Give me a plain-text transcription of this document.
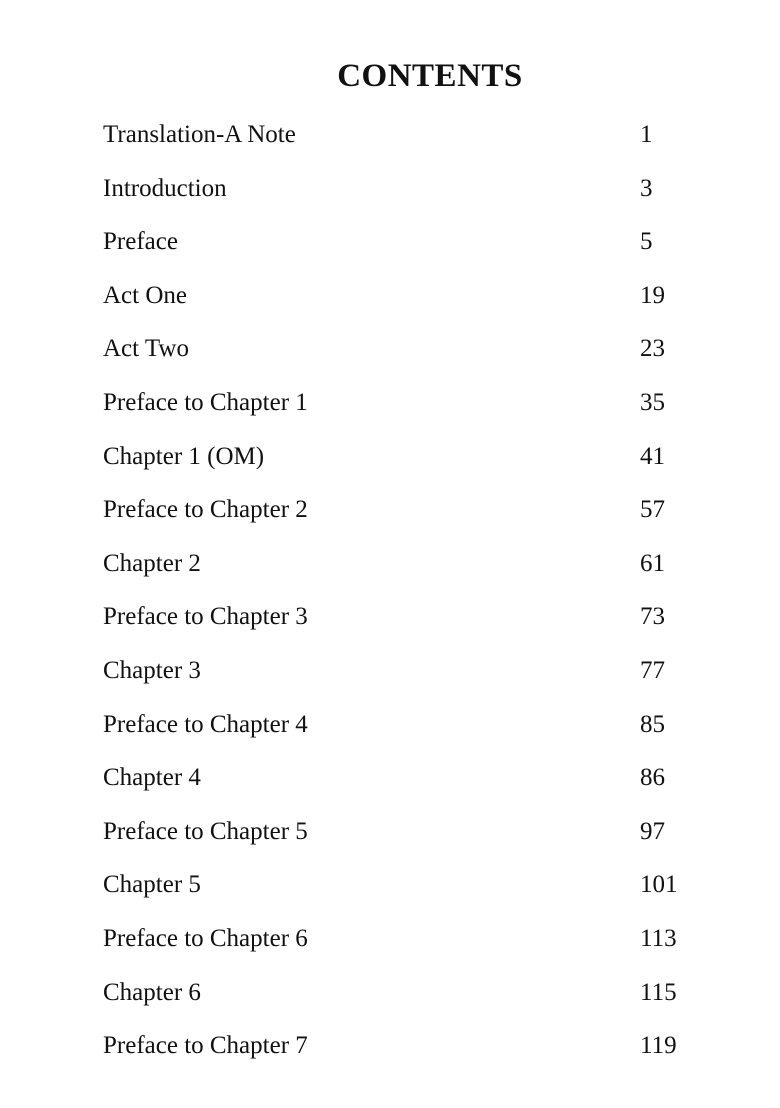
CONTENTS
Translation-A Note	1
Introduction	3
Preface	5
Act One	19
Act Two	23
Preface to Chapter 1	35
Chapter 1 (OM)	41
Preface to Chapter 2	57
Chapter 2	61
Preface to Chapter 3	73
Chapter 3	77
Preface to Chapter 4	85
Chapter 4	86
Preface to Chapter 5	97
Chapter 5	101
Preface to Chapter 6	113
Chapter 6	115
Preface to Chapter 7	119
